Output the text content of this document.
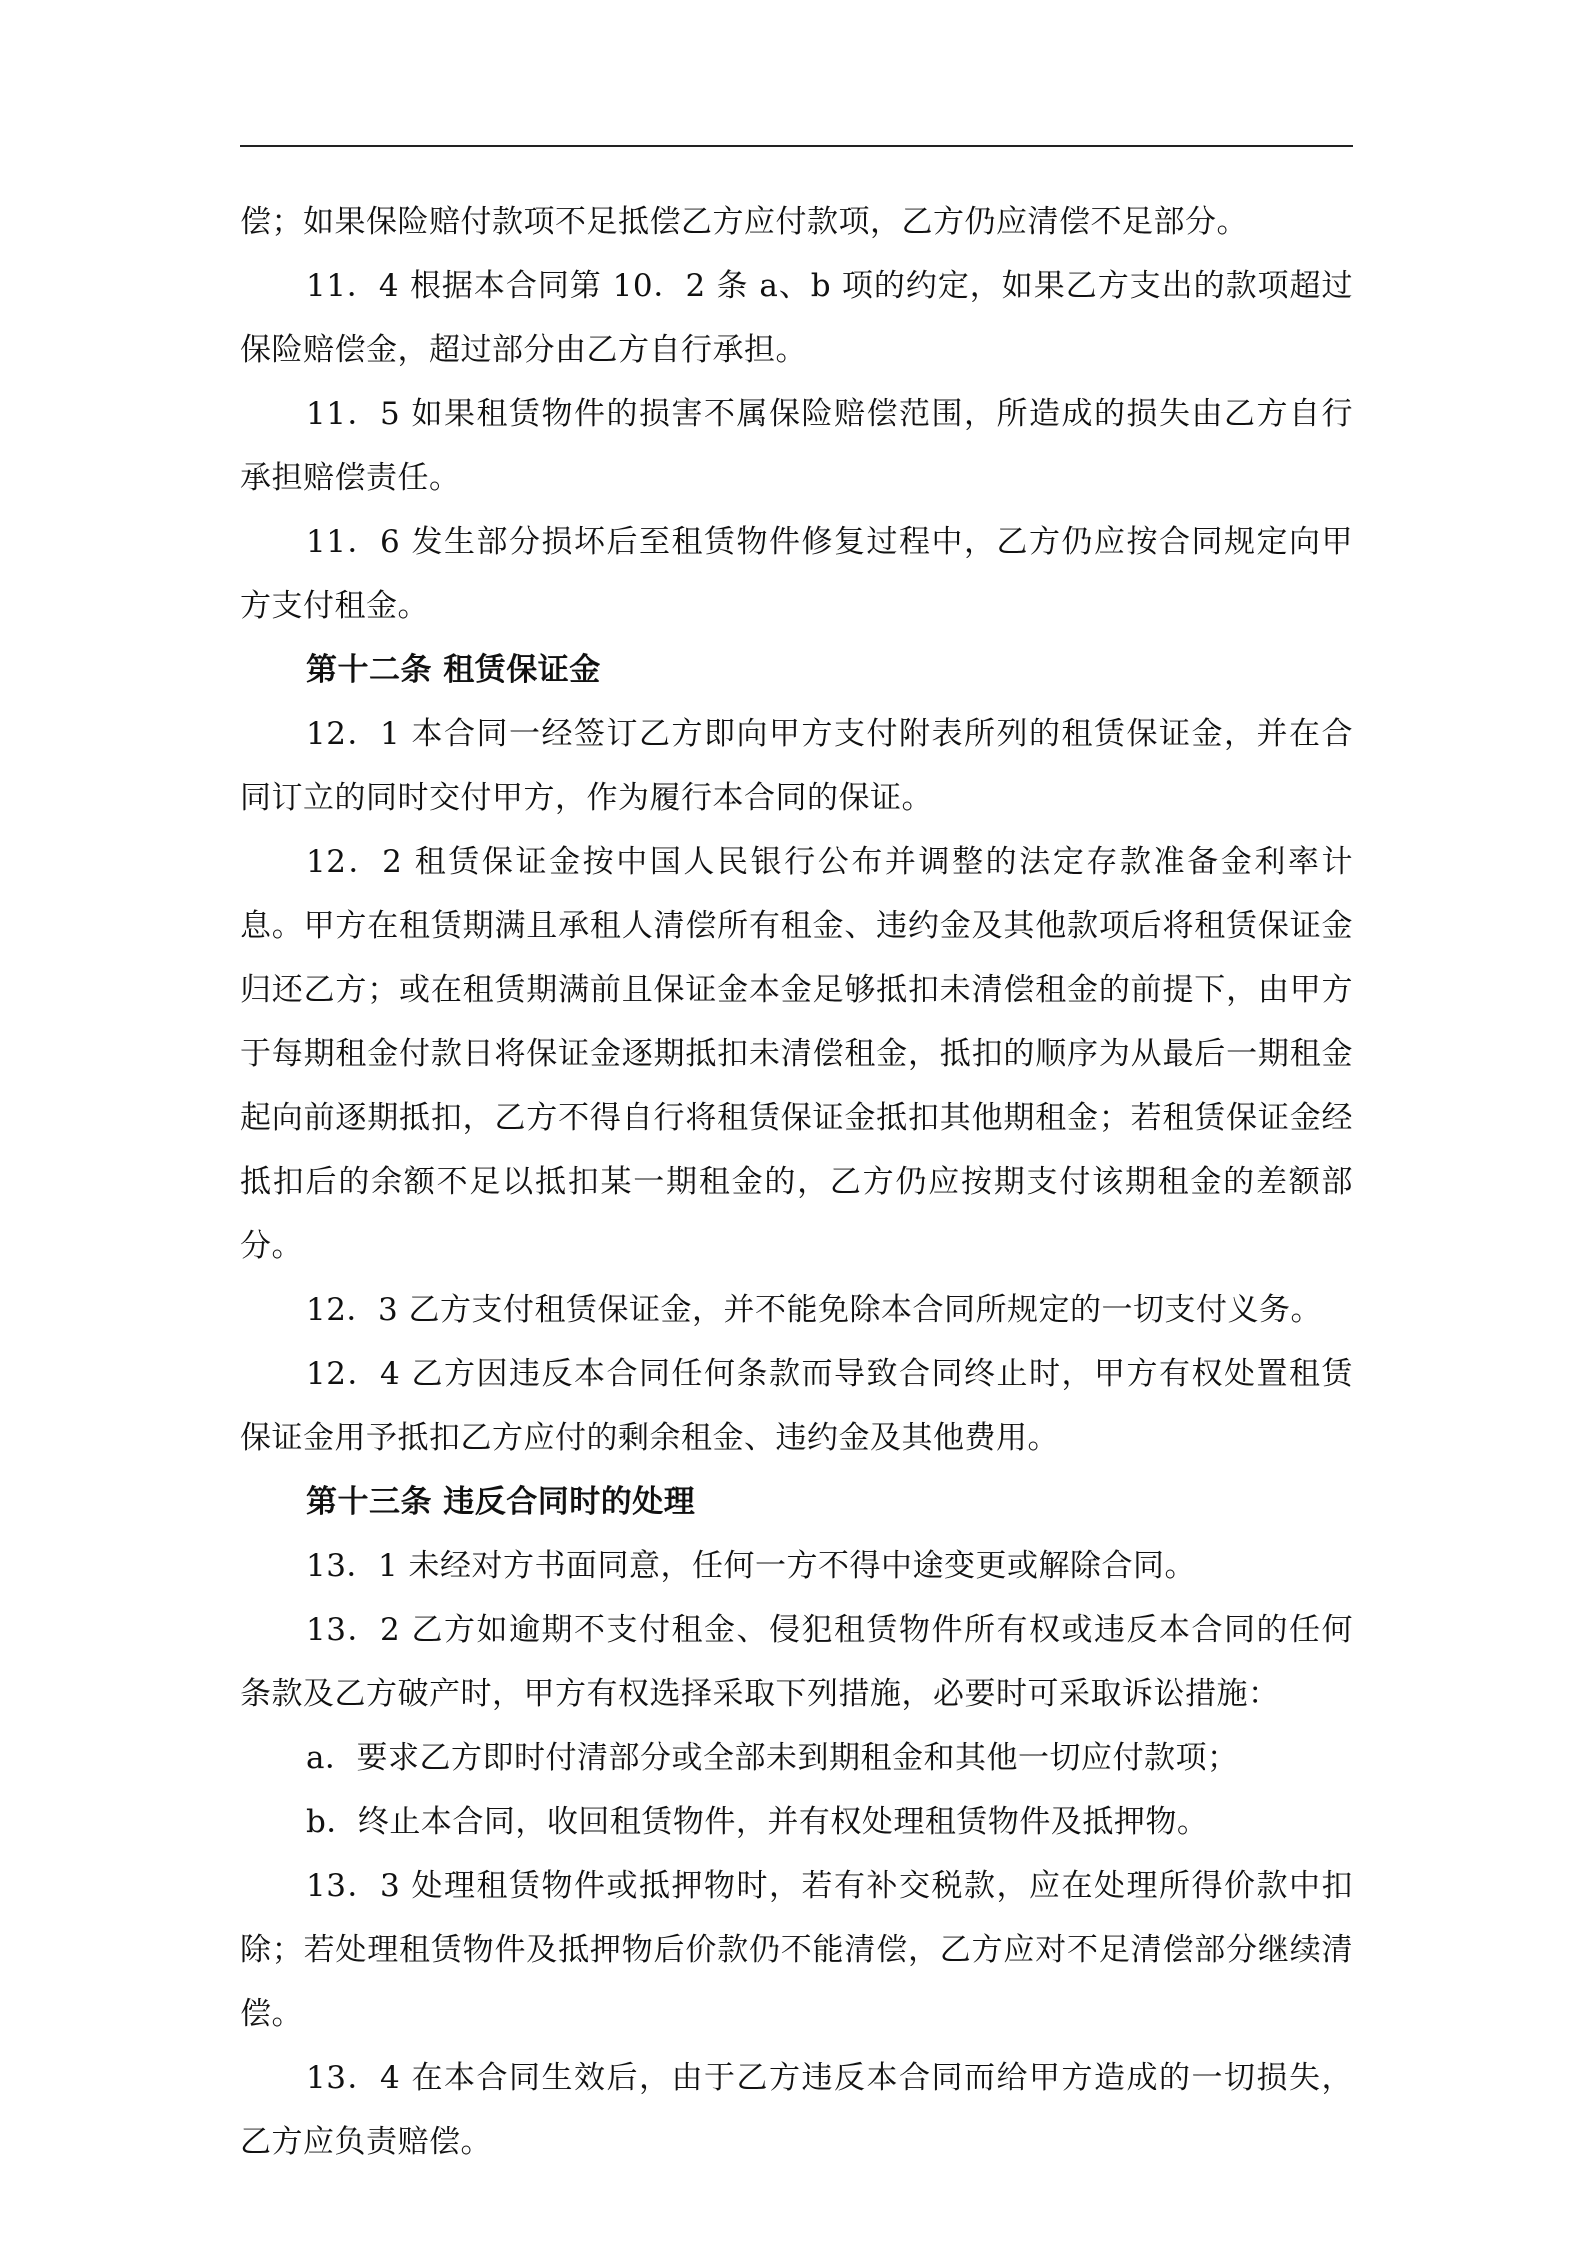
偿；如果保险赔付款项不足抵偿乙方应付款项，乙方仍应清偿不足部分。

11．4 根据本合同第 10．2 条 a、b 项的约定，如果乙方支出的款项超过保险赔偿金，超过部分由乙方自行承担。

11．5 如果租赁物件的损害不属保险赔偿范围，所造成的损失由乙方自行承担赔偿责任。

11．6 发生部分损坏后至租赁物件修复过程中，乙方仍应按合同规定向甲方支付租金。

第十二条 租赁保证金

12．1 本合同一经签订乙方即向甲方支付附表所列的租赁保证金，并在合同订立的同时交付甲方，作为履行本合同的保证。

12．2 租赁保证金按中国人民银行公布并调整的法定存款准备金利率计息。甲方在租赁期满且承租人清偿所有租金、违约金及其他款项后将租赁保证金归还乙方；或在租赁期满前且保证金本金足够抵扣未清偿租金的前提下，由甲方于每期租金付款日将保证金逐期抵扣未清偿租金，抵扣的顺序为从最后一期租金起向前逐期抵扣，乙方不得自行将租赁保证金抵扣其他期租金；若租赁保证金经抵扣后的余额不足以抵扣某一期租金的，乙方仍应按期支付该期租金的差额部分。

12．3 乙方支付租赁保证金，并不能免除本合同所规定的一切支付义务。

12．4 乙方因违反本合同任何条款而导致合同终止时，甲方有权处置租赁保证金用予抵扣乙方应付的剩余租金、违约金及其他费用。

第十三条 违反合同时的处理

13．1 未经对方书面同意，任何一方不得中途变更或解除合同。

13．2 乙方如逾期不支付租金、侵犯租赁物件所有权或违反本合同的任何条款及乙方破产时，甲方有权选择采取下列措施，必要时可采取诉讼措施：

a．要求乙方即时付清部分或全部未到期租金和其他一切应付款项；

b．终止本合同，收回租赁物件，并有权处理租赁物件及抵押物。

13．3 处理租赁物件或抵押物时，若有补交税款，应在处理所得价款中扣除；若处理租赁物件及抵押物后价款仍不能清偿，乙方应对不足清偿部分继续清偿。

13．4 在本合同生效后，由于乙方违反本合同而给甲方造成的一切损失，乙方应负责赔偿。
